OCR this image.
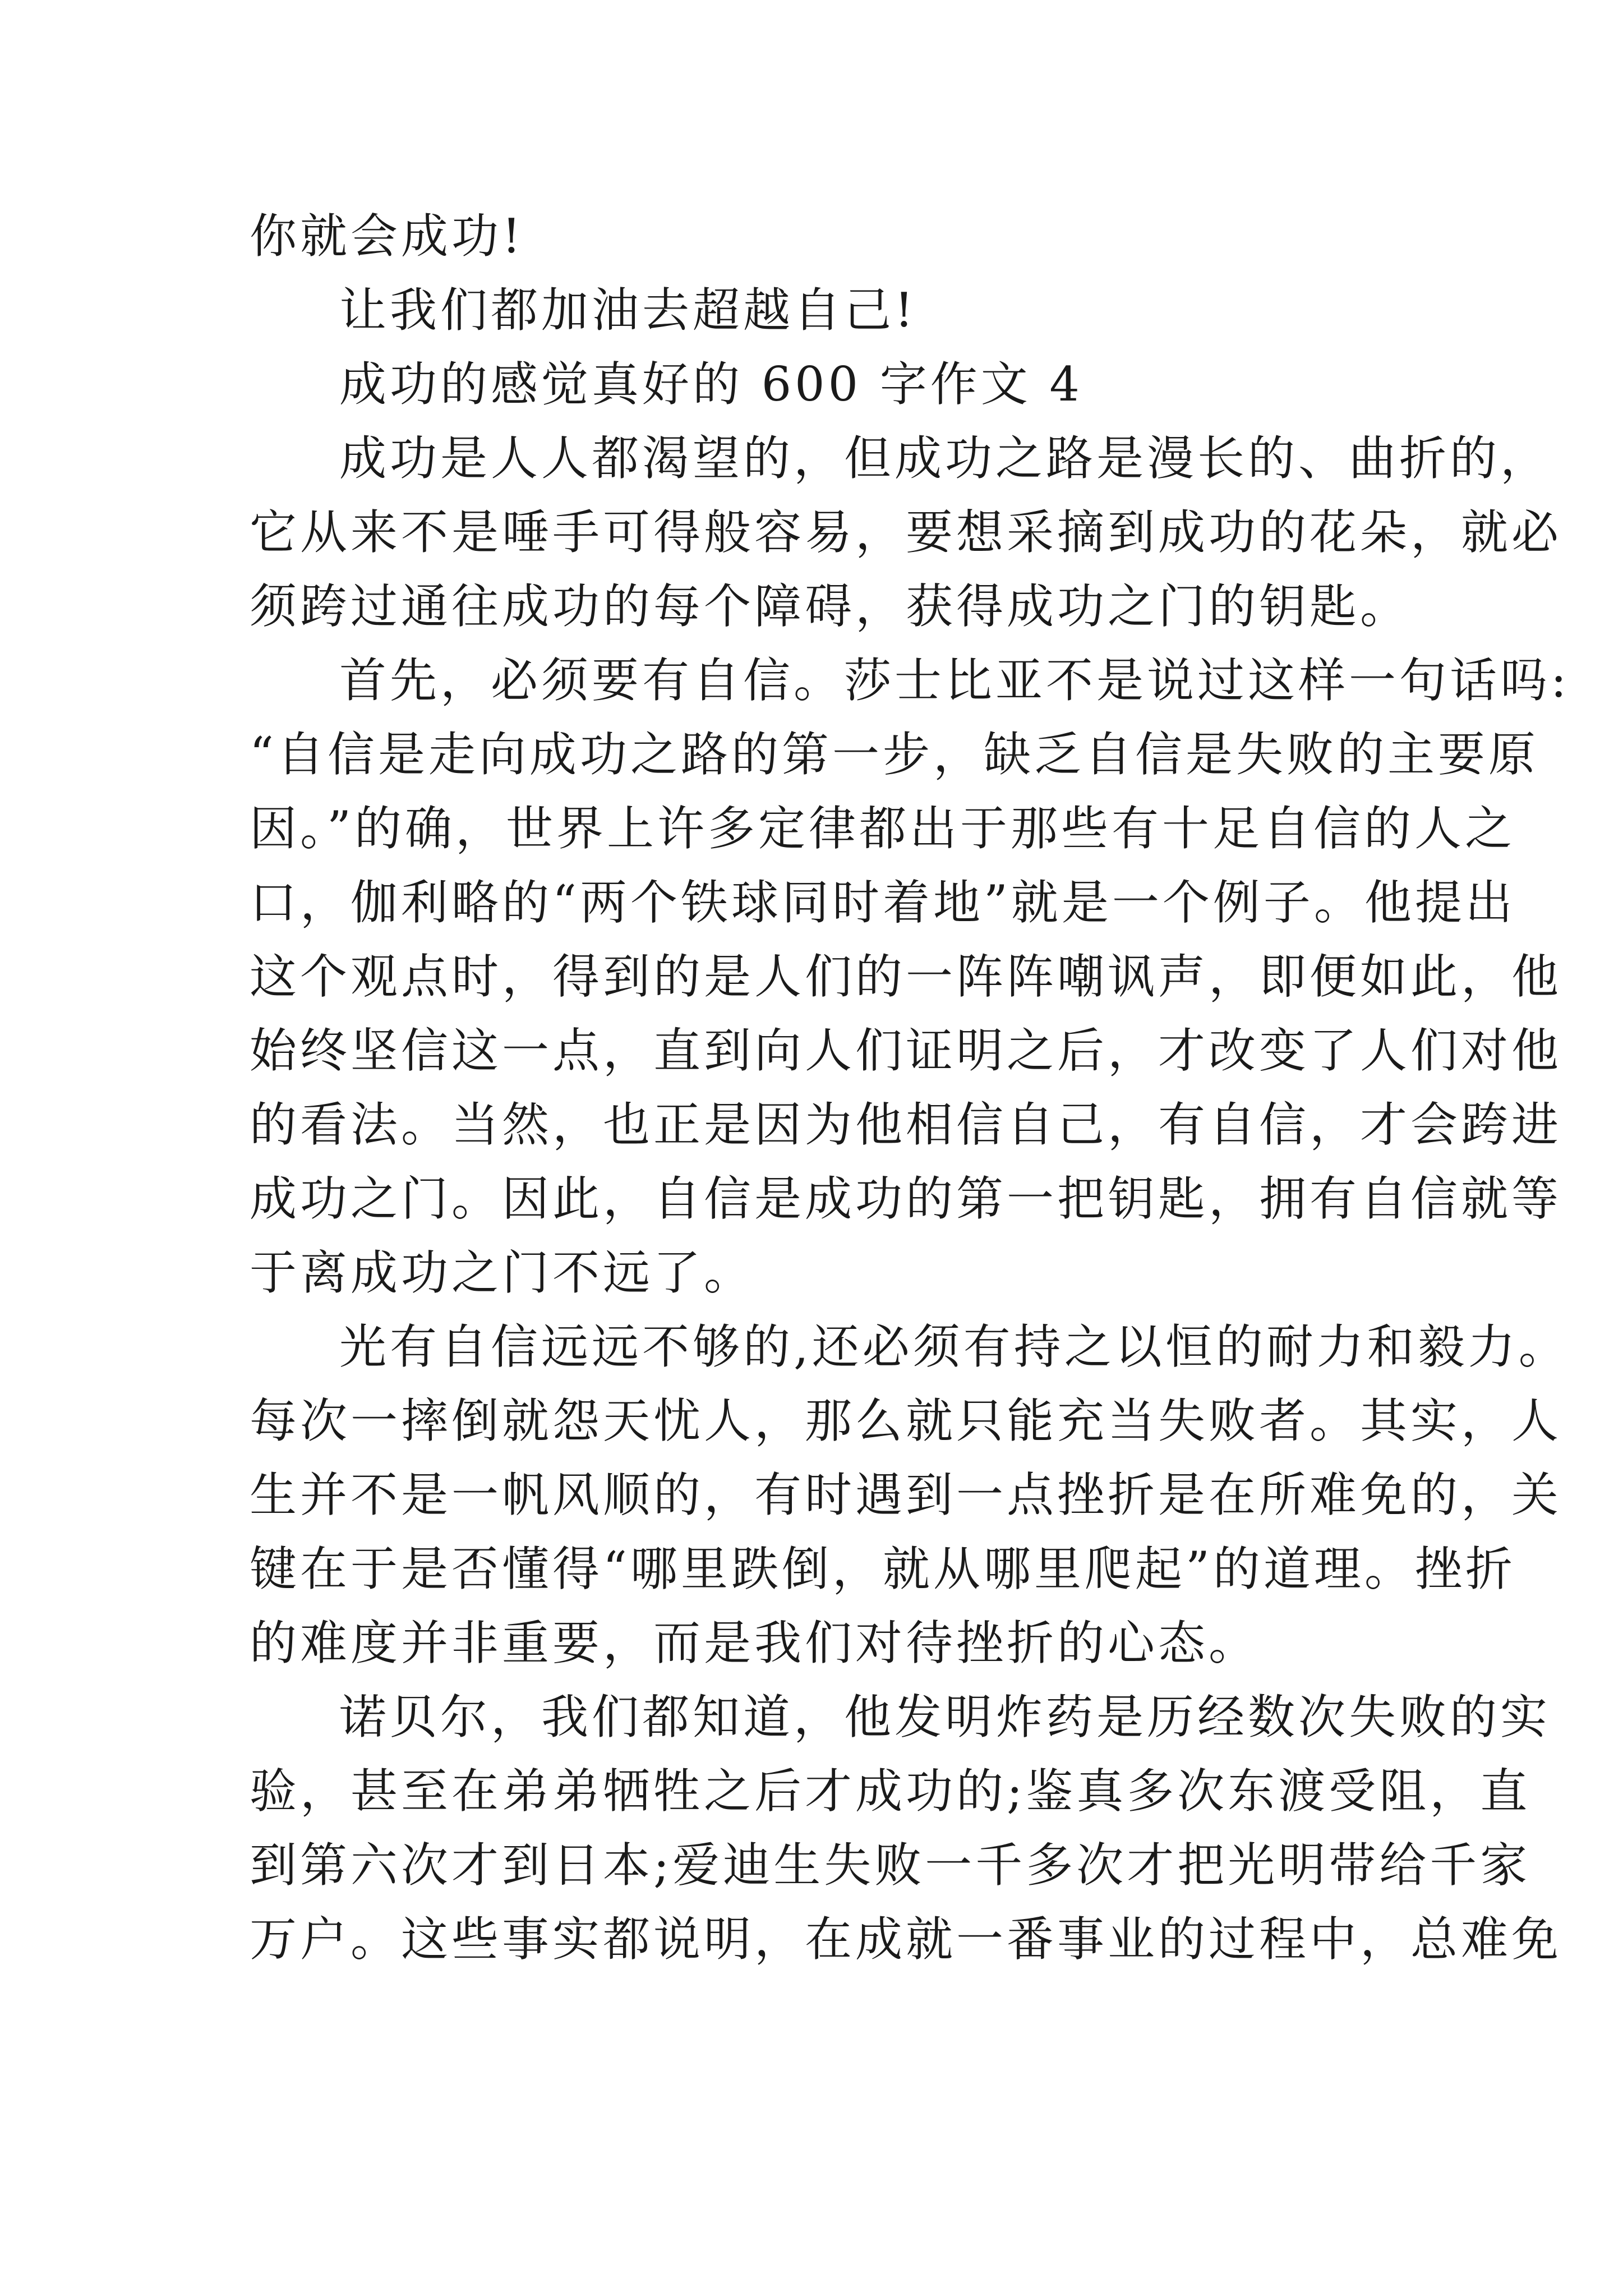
你就会成功!
让我们都加油去超越自己!
成功的感觉真好的 600 字作文 4
成功是人人都渴望的，但成功之路是漫长的、曲折的，
它从来不是唾手可得般容易，要想采摘到成功的花朵，就必
须跨过通往成功的每个障碍，获得成功之门的钥匙。
首先，必须要有自信。莎士比亚不是说过这样一句话吗:
“自信是走向成功之路的第一步，缺乏自信是失败的主要原
因。”的确，世界上许多定律都出于那些有十足自信的人之
口，伽利略的“两个铁球同时着地”就是一个例子。他提出
这个观点时，得到的是人们的一阵阵嘲讽声，即便如此，他
始终坚信这一点，直到向人们证明之后，才改变了人们对他
的看法。当然，也正是因为他相信自己，有自信，才会跨进
成功之门。因此，自信是成功的第一把钥匙，拥有自信就等
于离成功之门不远了。
光有自信远远不够的,还必须有持之以恒的耐力和毅力。
每次一摔倒就怨天忧人，那么就只能充当失败者。其实，人
生并不是一帆风顺的，有时遇到一点挫折是在所难免的，关
键在于是否懂得“哪里跌倒，就从哪里爬起”的道理。挫折
的难度并非重要，而是我们对待挫折的心态。
诺贝尔，我们都知道，他发明炸药是历经数次失败的实
验，甚至在弟弟牺牲之后才成功的;鉴真多次东渡受阻，直
到第六次才到日本;爱迪生失败一千多次才把光明带给千家
万户。这些事实都说明，在成就一番事业的过程中，总难免
